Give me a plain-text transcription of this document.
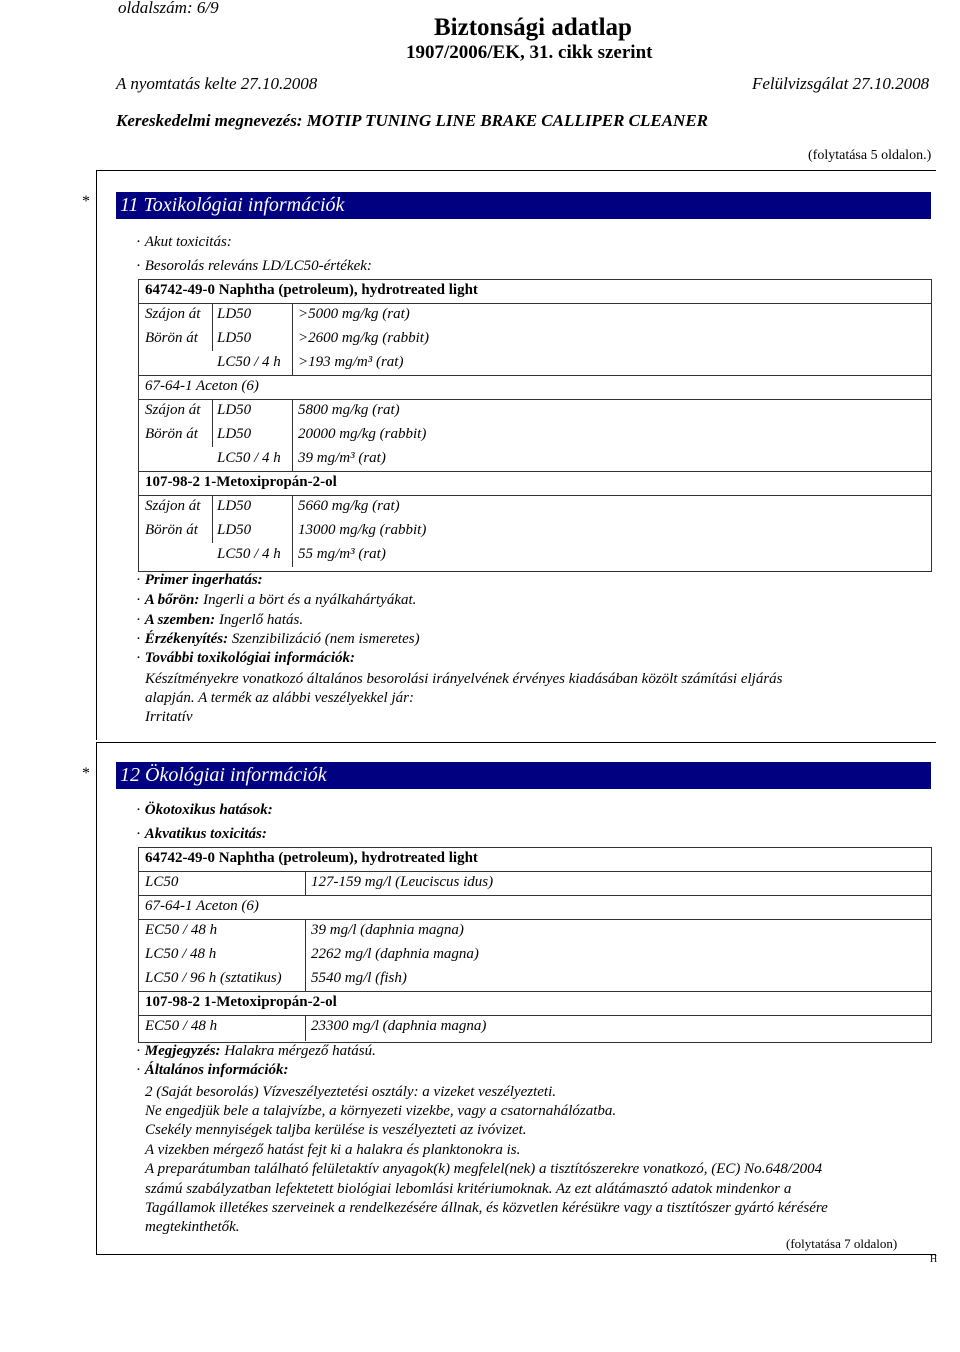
oldalszám: 6/9
Biztonsági adatlap
1907/2006/EK, 31. cikk szerint
A nyomtatás kelte 27.10.2008	Felülvizsgálat 27.10.2008
Kereskedelmi megnevezés: MOTIP TUNING LINE BRAKE CALLIPER CLEANER
(folytatása 5 oldalon.)
* 11 Toxikológiai információk
· Akut toxicitás:
· Besorolás releváns LD/LC50-értékek:
64742-49-0 Naphtha (petroleum), hydrotreated light
Szájon át LD50	>5000 mg/kg (rat)
Börön át LD50	>2600 mg/kg (rabbit)
LC50 / 4 h >193 mg/m³ (rat)
67-64-1 Aceton (6)
Szájon át LD50	5800 mg/kg (rat)
Börön át LD50	20000 mg/kg (rabbit)
LC50 / 4 h 39 mg/m³ (rat)
107-98-2 1-Metoxipropán-2-ol
Szájon át LD50	5660 mg/kg (rat)
Börön át LD50	13000 mg/kg (rabbit)
LC50 / 4 h 55 mg/m³ (rat)
· Primer ingerhatás:
· A bőrön: Ingerli a bört és a nyálkahártyákat.
· A szemben: Ingerlő hatás.
· Érzékenyítés: Szenzibilizáció (nem ismeretes)
· További toxikológiai információk:
Készítményekre vonatkozó általános besorolási irányelvének érvényes kiadásában közölt számítási eljárás
alapján. A termék az alábbi veszélyekkel jár:
Irritatív
* 12 Ökológiai információk
· Ökotoxikus hatások:
· Akvatikus toxicitás:
64742-49-0 Naphtha (petroleum), hydrotreated light
LC50	127-159 mg/l (Leuciscus idus)
67-64-1 Aceton (6)
EC50 / 48 h	39 mg/l (daphnia magna)
LC50 / 48 h	2262 mg/l (daphnia magna)
LC50 / 96 h (sztatikus) 5540 mg/l (fish)
107-98-2 1-Metoxipropán-2-ol
EC50 / 48 h	23300 mg/l (daphnia magna)
· Megjegyzés: Halakra mérgező hatású.
· Általános információk:
2 (Saját besorolás) Vízveszélyeztetési osztály: a vizeket veszélyezteti.
Ne engedjük bele a talajvízbe, a környezeti vizekbe, vagy a csatornahálózatba.
Csekély mennyiségek taljba kerülése is veszélyezteti az ivóvizet.
A vizekben mérgező hatást fejt ki a halakra és planktonokra is.
A preparátumban található felületaktív anyagok(k) megfelel(nek) a tisztítószerekre vonatkozó, (EC) No.648/2004
számú szabályzatban lefektetett biológiai lebomlási kritériumoknak. Az ezt alátámasztó adatok mindenkor a
Tagállamok illetékes szerveinek a rendelkezésére állnak, és közvetlen kérésükre vagy a tisztítószer gyártó kérésére
megtekinthetők.
(folytatása 7 oldalon)
H
